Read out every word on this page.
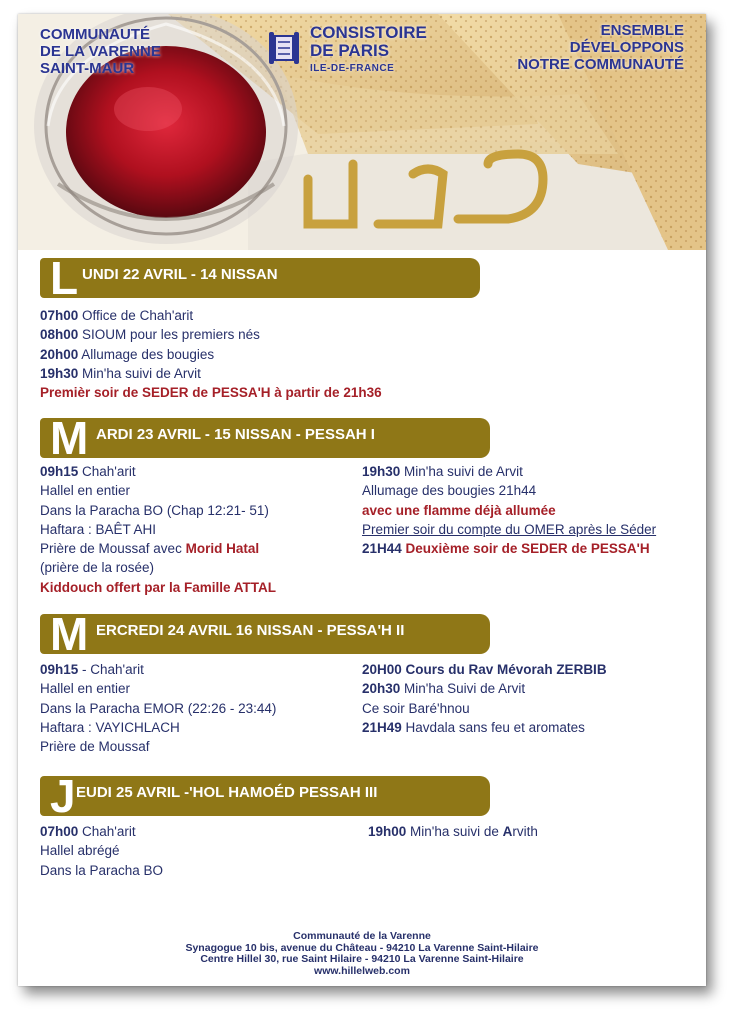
פסח
COMMUNAUTÉ
DE LA VARENNE
SAINT-MAUR
CONSISTOIRE
DE PARIS
ILE-DE-FRANCE
ENSEMBLE
DÉVELOPPONS
NOTRE COMMUNAUTÉ
L UNDI 22 AVRIL - 14 NISSAN
07h00 Office de Chah'arit
08h00 SIOUM pour les premiers nés
20h00 Allumage des bougies
19h30 Min'ha suivi de Arvit
Premièr soir de SEDER de PESSA'H à partir de 21h36
M ARDI 23 AVRIL - 15 NISSAN - PESSAH I
09h15 Chah'arit
Hallel en entier
Dans la Paracha BO (Chap 12:21- 51)
Haftara : BAÊT AHI
Prière de Moussaf avec Morid Hatal
(prière de la rosée)
Kiddouch offert par la Famille ATTAL
19h30 Min'ha suivi de Arvit
Allumage des bougies 21h44
avec une flamme déjà allumée
Premier soir du compte du OMER après le Séder
21H44 Deuxième soir de SEDER de PESSA'H
M ERCREDI 24 AVRIL 16 NISSAN - PESSA'H II
09h15 - Chah'arit
Hallel en entier
Dans la Paracha EMOR (22:26 - 23:44)
Haftara : VAYICHLACH
Prière de Moussaf
20H00 Cours du Rav Mévorah ZERBIB
20h30 Min'ha Suivi de Arvit
Ce soir Baré'hnou
21H49 Havdala sans feu et aromates
J EUDI 25 AVRIL -'HOL HAMOÉD PESSAH III
07h00 Chah'arit
Hallel abrégé
Dans la Paracha BO
19h00 Min'ha suivi de Arvith
Communauté de la Varenne
Synagogue 10 bis, avenue du Château - 94210 La Varenne Saint-Hilaire
Centre Hillel 30, rue Saint Hilaire - 94210 La Varenne Saint-Hilaire
www.hillelweb.com
